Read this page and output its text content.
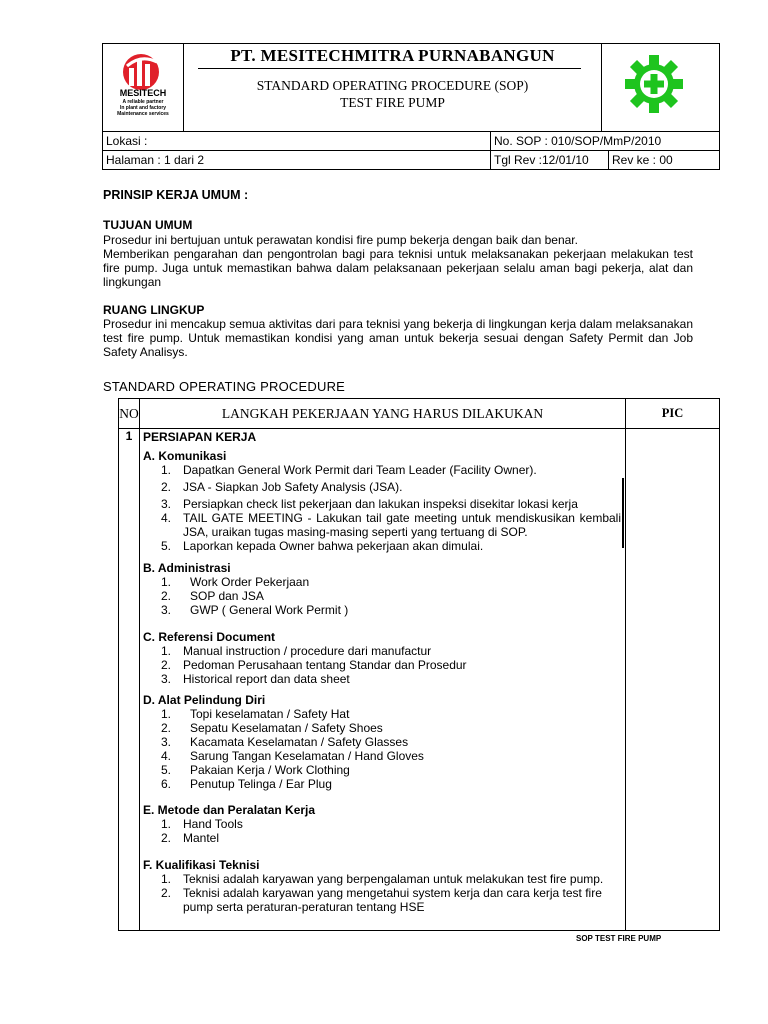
MESITECH
A reliable partner
In plant and factory
Maintenance services
PT. MESITECHMITRA PURNABANGUN
STANDARD OPERATING PROCEDURE (SOP)
TEST FIRE PUMP
Lokasi :	No. SOP : 010/SOP/MmP/2010
Halaman : 1 dari 2	Tgl Rev :12/01/10	Rev ke : 00
PRINSIP KERJA UMUM :
TUJUAN UMUM
Prosedur ini bertujuan untuk perawatan kondisi fire pump bekerja dengan baik dan benar.
Memberikan pengarahan dan pengontrolan bagi para teknisi untuk melaksanakan pekerjaan melakukan test fire pump. Juga untuk memastikan bahwa dalam pelaksanaan pekerjaan selalu aman bagi pekerja, alat dan lingkungan
RUANG LINGKUP
Prosedur ini mencakup semua aktivitas dari para teknisi yang bekerja di lingkungan kerja dalam melaksanakan test fire pump. Untuk memastikan kondisi yang aman untuk bekerja sesuai dengan Safety Permit dan Job Safety Analisys.
STANDARD OPERATING PROCEDURE
NO	LANGKAH PEKERJAAN YANG HARUS DILAKUKAN	PIC
1 PERSIAPAN KERJA
A. Komunikasi
1. Dapatkan General Work Permit dari Team Leader (Facility Owner).
2. JSA - Siapkan Job Safety Analysis (JSA).
3. Persiapkan check list pekerjaan dan lakukan inspeksi disekitar lokasi kerja
4. TAIL GATE MEETING - Lakukan tail gate meeting untuk mendiskusikan kembali JSA, uraikan tugas masing-masing seperti yang tertuang di SOP.
5. Laporkan kepada Owner bahwa pekerjaan akan dimulai.
B. Administrasi
1. Work Order Pekerjaan
2. SOP dan JSA
3. GWP ( General Work Permit )
C. Referensi Document
1. Manual instruction / procedure dari manufactur
2. Pedoman Perusahaan tentang Standar dan Prosedur
3. Historical report dan data sheet
D. Alat Pelindung Diri
1. Topi keselamatan / Safety Hat
2. Sepatu Keselamatan / Safety Shoes
3. Kacamata Keselamatan / Safety Glasses
4. Sarung Tangan Keselamatan / Hand Gloves
5. Pakaian Kerja / Work Clothing
6. Penutup Telinga / Ear Plug
E. Metode dan Peralatan Kerja
1. Hand Tools
2. Mantel
F. Kualifikasi Teknisi
1. Teknisi adalah karyawan yang berpengalaman untuk melakukan test fire pump.
2. Teknisi adalah karyawan yang mengetahui system kerja dan cara kerja test fire pump serta peraturan-peraturan tentang HSE
SOP TEST FIRE PUMP
